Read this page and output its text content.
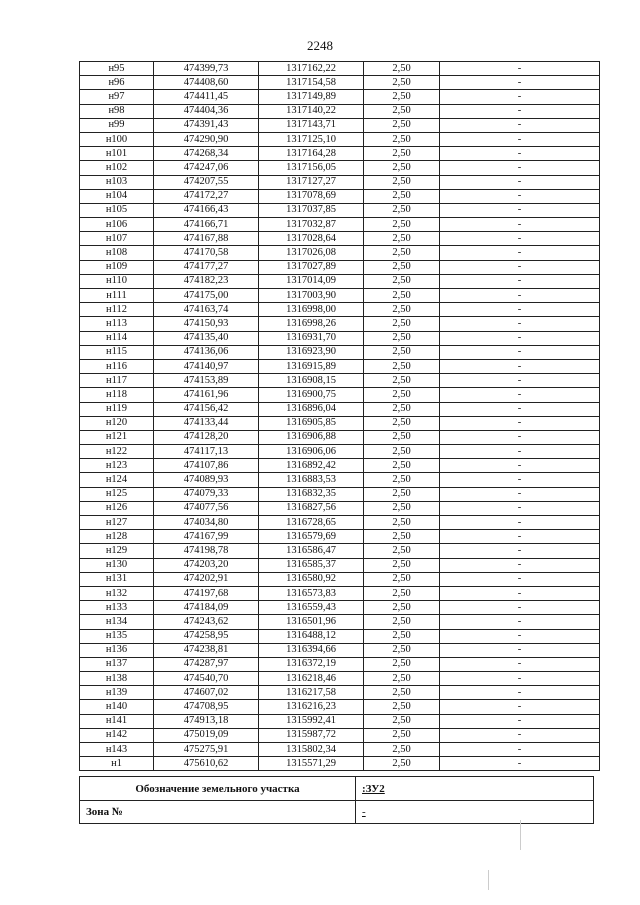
2248
н95	474399,73	1317162,22	2,50	-
н96	474408,60	1317154,58	2,50	-
н97	474411,45	1317149,89	2,50	-
н98	474404,36	1317140,22	2,50	-
н99	474391,43	1317143,71	2,50	-
н100	474290,90	1317125,10	2,50	-
н101	474268,34	1317164,28	2,50	-
н102	474247,06	1317156,05	2,50	-
н103	474207,55	1317127,27	2,50	-
н104	474172,27	1317078,69	2,50	-
н105	474166,43	1317037,85	2,50	-
н106	474166,71	1317032,87	2,50	-
н107	474167,88	1317028,64	2,50	-
н108	474170,58	1317026,08	2,50	-
н109	474177,27	1317027,89	2,50	-
н110	474182,23	1317014,09	2,50	-
н111	474175,00	1317003,90	2,50	-
н112	474163,74	1316998,00	2,50	-
н113	474150,93	1316998,26	2,50	-
н114	474135,40	1316931,70	2,50	-
н115	474136,06	1316923,90	2,50	-
н116	474140,97	1316915,89	2,50	-
н117	474153,89	1316908,15	2,50	-
н118	474161,96	1316900,75	2,50	-
н119	474156,42	1316896,04	2,50	-
н120	474133,44	1316905,85	2,50	-
н121	474128,20	1316906,88	2,50	-
н122	474117,13	1316906,06	2,50	-
н123	474107,86	1316892,42	2,50	-
н124	474089,93	1316883,53	2,50	-
н125	474079,33	1316832,35	2,50	-
н126	474077,56	1316827,56	2,50	-
н127	474034,80	1316728,65	2,50	-
н128	474167,99	1316579,69	2,50	-
н129	474198,78	1316586,47	2,50	-
н130	474203,20	1316585,37	2,50	-
н131	474202,91	1316580,92	2,50	-
н132	474197,68	1316573,83	2,50	-
н133	474184,09	1316559,43	2,50	-
н134	474243,62	1316501,96	2,50	-
н135	474258,95	1316488,12	2,50	-
н136	474238,81	1316394,66	2,50	-
н137	474287,97	1316372,19	2,50	-
н138	474540,70	1316218,46	2,50	-
н139	474607,02	1316217,58	2,50	-
н140	474708,95	1316216,23	2,50	-
н141	474913,18	1315992,41	2,50	-
н142	475019,09	1315987,72	2,50	-
н143	475275,91	1315802,34	2,50	-
н1	475610,62	1315571,29	2,50	-
Обозначение земельного участка	:ЗУ2
Зона №	-
